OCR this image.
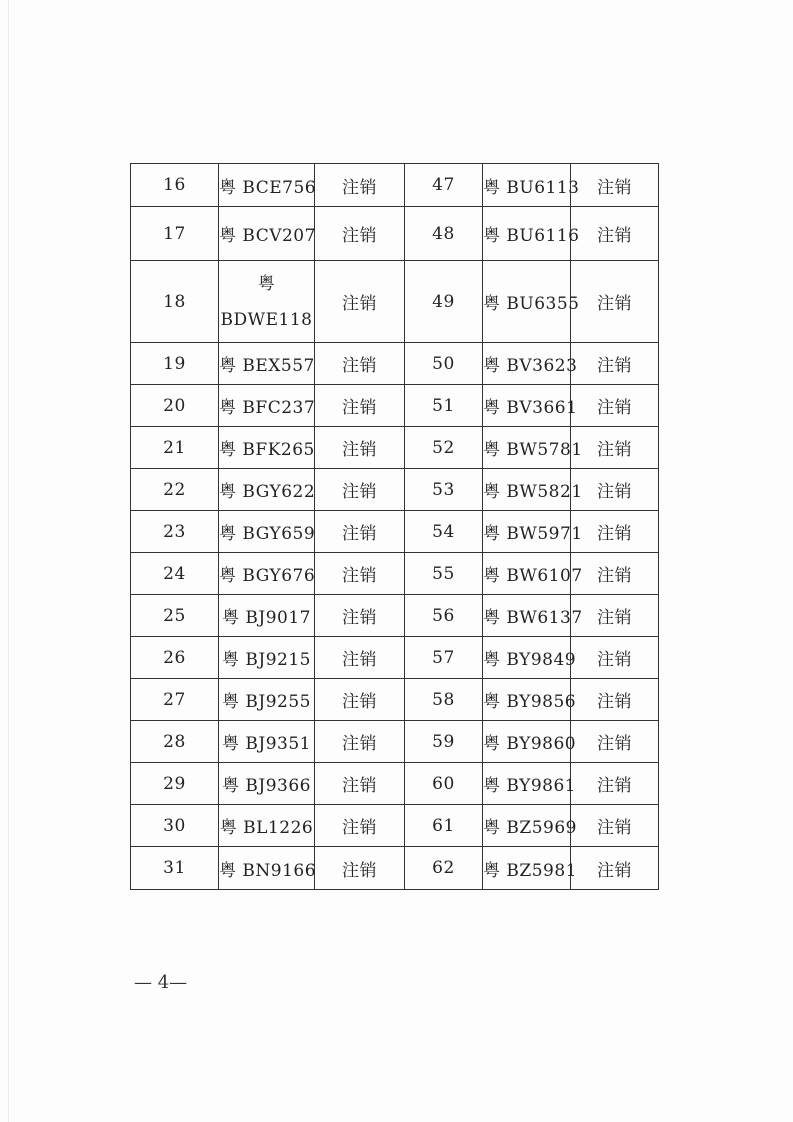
16	粤 BCE756	注销	47	粤 BU6113	注销
17	粤 BCV207	注销	48	粤 BU6116	注销
18	粤 BDWE118	注销	49	粤 BU6355	注销
19	粤 BEX557	注销	50	粤 BV3623	注销
20	粤 BFC237	注销	51	粤 BV3661	注销
21	粤 BFK265	注销	52	粤 BW5781	注销
22	粤 BGY622	注销	53	粤 BW5821	注销
23	粤 BGY659	注销	54	粤 BW5971	注销
24	粤 BGY676	注销	55	粤 BW6107	注销
25	粤 BJ9017	注销	56	粤 BW6137	注销
26	粤 BJ9215	注销	57	粤 BY9849	注销
27	粤 BJ9255	注销	58	粤 BY9856	注销
28	粤 BJ9351	注销	59	粤 BY9860	注销
29	粤 BJ9366	注销	60	粤 BY9861	注销
30	粤 BL1226	注销	61	粤 BZ5969	注销
31	粤 BN9166	注销	62	粤 BZ5981	注销
— 4—
